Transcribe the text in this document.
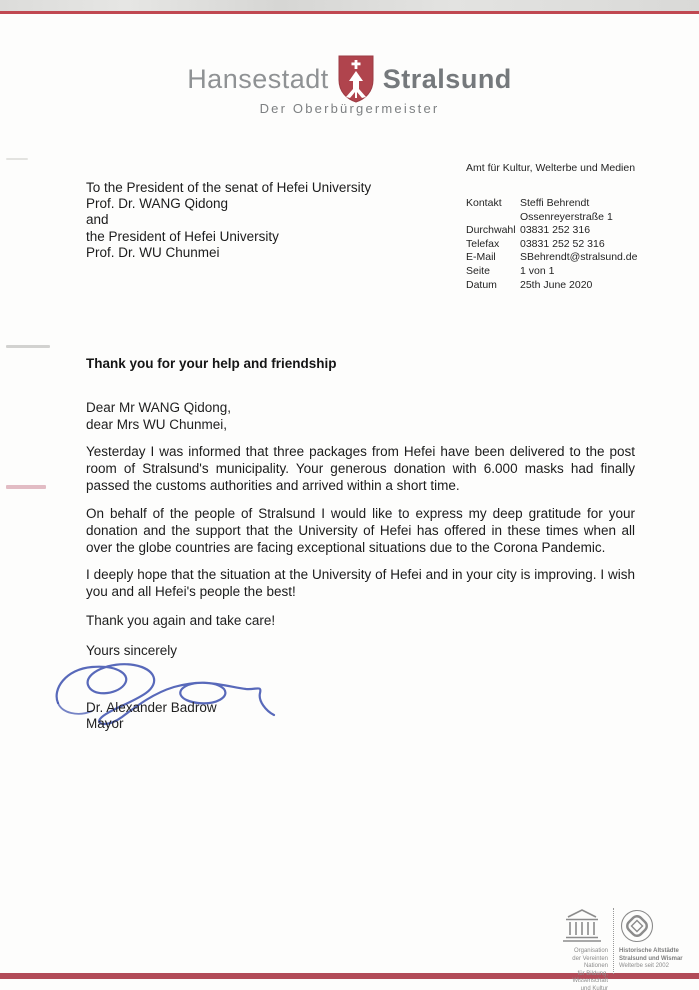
Hansestadt Stralsund
Der Oberbürgermeister
Amt für Kultur, Welterbe und Medien
To the President of the senat of Hefei University
Prof. Dr. WANG Qidong
and
the President of Hefei University
Prof. Dr. WU Chunmei
Kontakt	Steffi Behrendt
Ossenreyerstraße 1
Durchwahl 03831 252 316
Telefax	03831 252 52 316
E-Mail	SBehrendt@stralsund.de
Seite	1 von 1
Datum	25th June 2020
Thank you for your help and friendship
Dear Mr WANG Qidong,
dear Mrs WU Chunmei,
Yesterday I was informed that three packages from Hefei have been delivered to the post room of Stralsund's municipality. Your generous donation with 6.000 masks had finally passed the customs authorities and arrived within a short time.
On behalf of the people of Stralsund I would like to express my deep gratitude for your donation and the support that the University of Hefei has offered in these times when all over the globe countries are facing exceptional situations due to the Corona Pandemic.
I deeply hope that the situation at the University of Hefei and in your city is improving. I wish you and all Hefei's people the best!
Thank you again and take care!
Yours sincerely
Dr. Alexander Badrow
Mayor
Organisation
der Vereinten Nationen
für Bildung, Wissenschaft
und Kultur
Historische Altstädte
Stralsund und Wismar
Welterbe seit 2002
